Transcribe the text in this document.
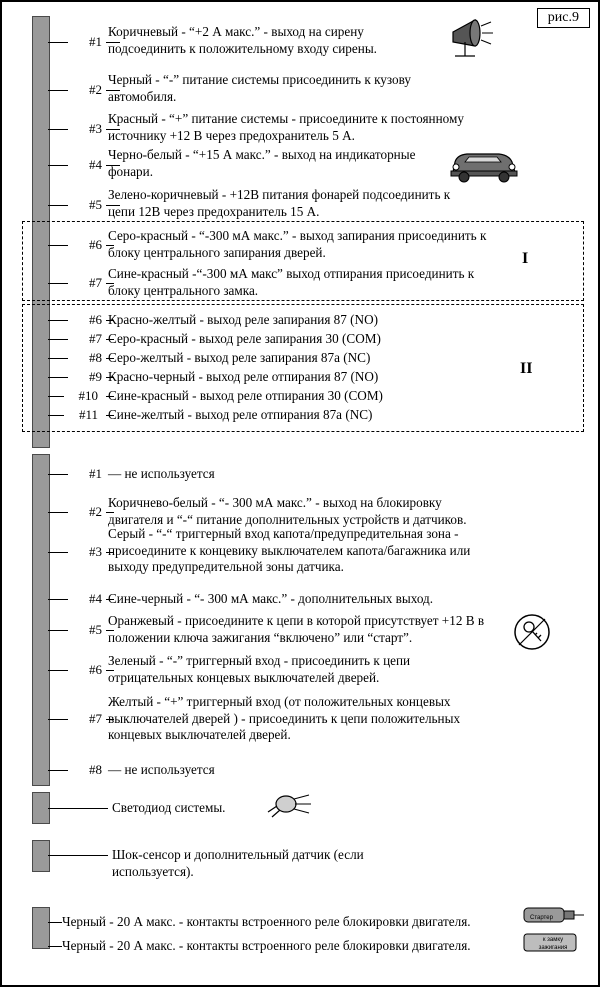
рис.9
#1
Коричневый - “+2 А макс.” - выход на сирену подсоединить к положительному входу сирены.
#2
Черный - “-” питание системы присоединить к кузову автомобиля.
#3
Красный - “+” питание системы - присоедините к постоянному источнику +12 В через предохранитель 5 А.
#4
Черно-белый - “+15 А макс.” - выход на индикаторные фонари.
#5
Зелено-коричневый - +12В питания фонарей подсоединить к цепи 12В через предохранитель 15 А.
I
#6
Серо-красный - “-300 мА макс.” - выход запирания присоединить к блоку центрального запирания дверей.
#7
Сине-красный -“-300 мА макс” выход отпирания присоединить к блоку центрального замка.
II
#6 Красно-желтый - выход реле запирания 87 (NO)
#7 Серо-красный - выход реле запирания 30 (COM)
#8 Серо-желтый - выход реле запирания 87а (NC)
#9 Красно-черный - выход реле отпирания 87 (NO)
#10 Сине-красный - выход реле отпирания 30 (COM)
#11 Сине-желтый - выход реле отпирания 87а (NC)
#1 — не используется
#2
Коричнево-белый - “- 300 мА макс.” - выход на блокировку двигателя и “-“ питание дополнительных устройств и датчиков.
#3
Серый - “-“ триггерный вход капота/предупредительная зона - присоедините к концевику выключателем капота/багажника или выходу предупредительной зоны датчика.
#4 Сине-черный - “- 300 мА макс.” - дополнительных выход.
#5
Оранжевый - присоедините к цепи в которой присутствует +12 В в положении ключа зажигания “включено” или “старт”.
#6
Зеленый - “-” триггерный вход - присоединить к цепи отрицательных концевых выключателей дверей.
#7
Желтый - “+” триггерный вход (от положительных концевых выключателей дверей ) - присоединить к цепи положительных концевых выключателей дверей.
#8 — не используется
Светодиод системы.
Шок-сенсор и дополнительный датчик (если используется).
Черный - 20 А макс. - контакты встроенного реле блокировки двигателя.
Черный - 20 А макс. - контакты встроенного реле блокировки двигателя.
Стартер
к замку зажигания
